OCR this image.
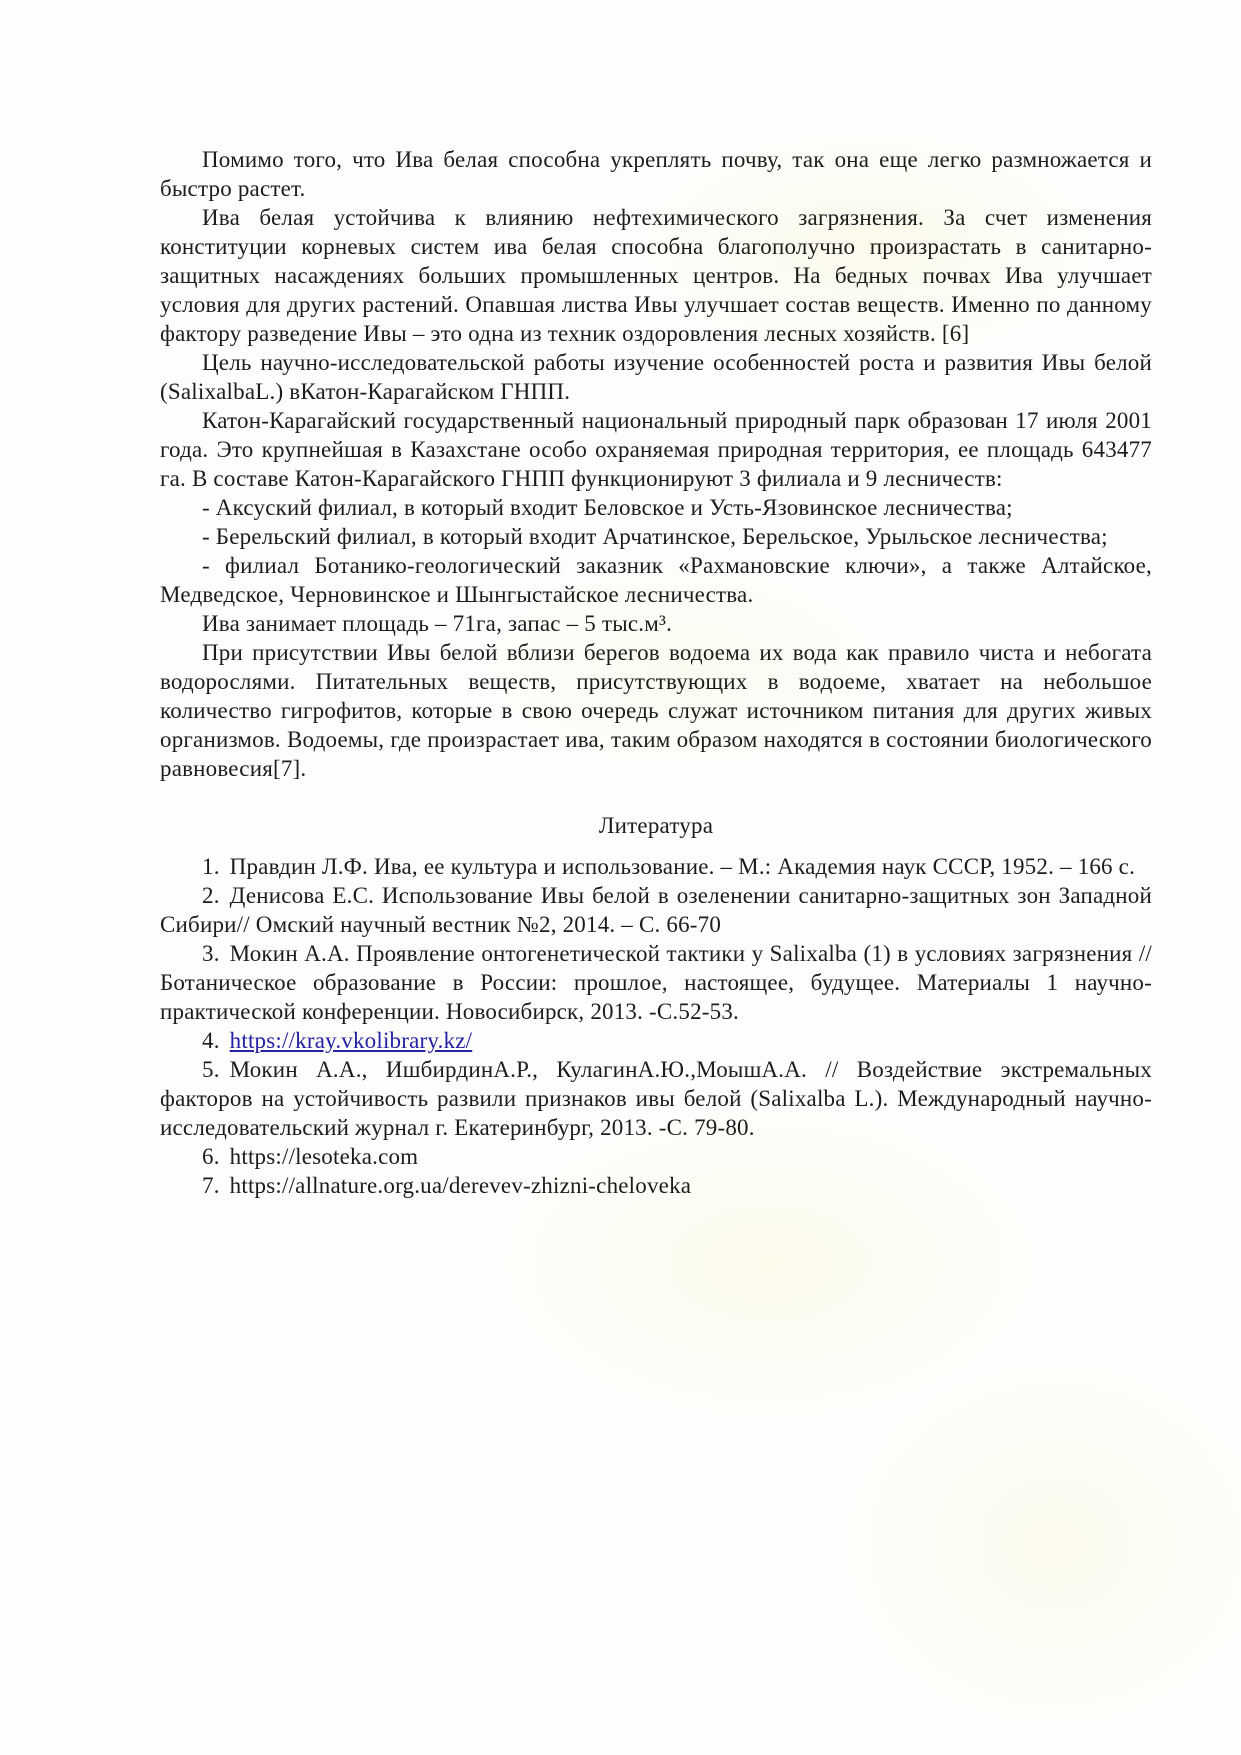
Помимо того, что Ива белая способна укреплять почву, так она еще легко размножается и быстро растет.

Ива белая устойчива к влиянию нефтехимического загрязнения. За счет изменения конституции корневых систем ива белая способна благополучно произрастать в санитарно-защитных насаждениях больших промышленных центров. На бедных почвах Ива улучшает условия для других растений. Опавшая листва Ивы улучшает состав веществ. Именно по данному фактору разведение Ивы – это одна из техник оздоровления лесных хозяйств. [6]

Цель научно-исследовательской работы изучение особенностей роста и развития Ивы белой (SalixalbaL.) вКатон-Карагайском ГНПП.

Катон-Карагайский государственный национальный природный парк образован 17 июля 2001 года. Это крупнейшая в Казахстане особо охраняемая природная территория, ее площадь 643477 га. В составе Катон-Карагайского ГНПП функционируют 3 филиала и 9 лесничеств:

- Аксуский филиал, в который входит Беловское и Усть-Язовинское лесничества;

- Берельский филиал, в который входит Арчатинское, Берельское, Урыльское лесничества;

- филиал Ботанико-геологический заказник «Рахмановские ключи», а также Алтайское, Медведское, Черновинское и Шынгыстайское лесничества.

Ива занимает площадь – 71га, запас – 5 тыс.м³.

При присутствии Ивы белой вблизи берегов водоема их вода как правило чиста и небогата водорослями. Питательных веществ, присутствующих в водоеме, хватает на небольшое количество гигрофитов, которые в свою очередь служат источником питания для других живых организмов. Водоемы, где произрастает ива, таким образом находятся в состоянии биологического равновесия[7].

Литература

1. Правдин Л.Ф. Ива, ее культура и использование. – М.: Академия наук СССР, 1952. – 166 с.

2. Денисова Е.С. Использование Ивы белой в озеленении санитарно-защитных зон Западной Сибири// Омский научный вестник №2, 2014. – С. 66-70

3. Мокин А.А. Проявление онтогенетической тактики у Salixalba (1) в условиях загрязнения // Ботаническое образование в России: прошлое, настоящее, будущее. Материалы 1 научно-практической конференции. Новосибирск, 2013. -С.52-53.

4. https://kray.vkolibrary.kz/

5. Мокин А.А., ИшбирдинА.Р., КулагинА.Ю.,МоышА.А. // Воздействие экстремальных факторов на устойчивость развили признаков ивы белой (Salixalba L.). Международный научно-исследовательский журнал г. Екатеринбург, 2013. -С. 79-80.

6. https://lesoteka.com

7. https://allnature.org.ua/derevev-zhizni-cheloveka
